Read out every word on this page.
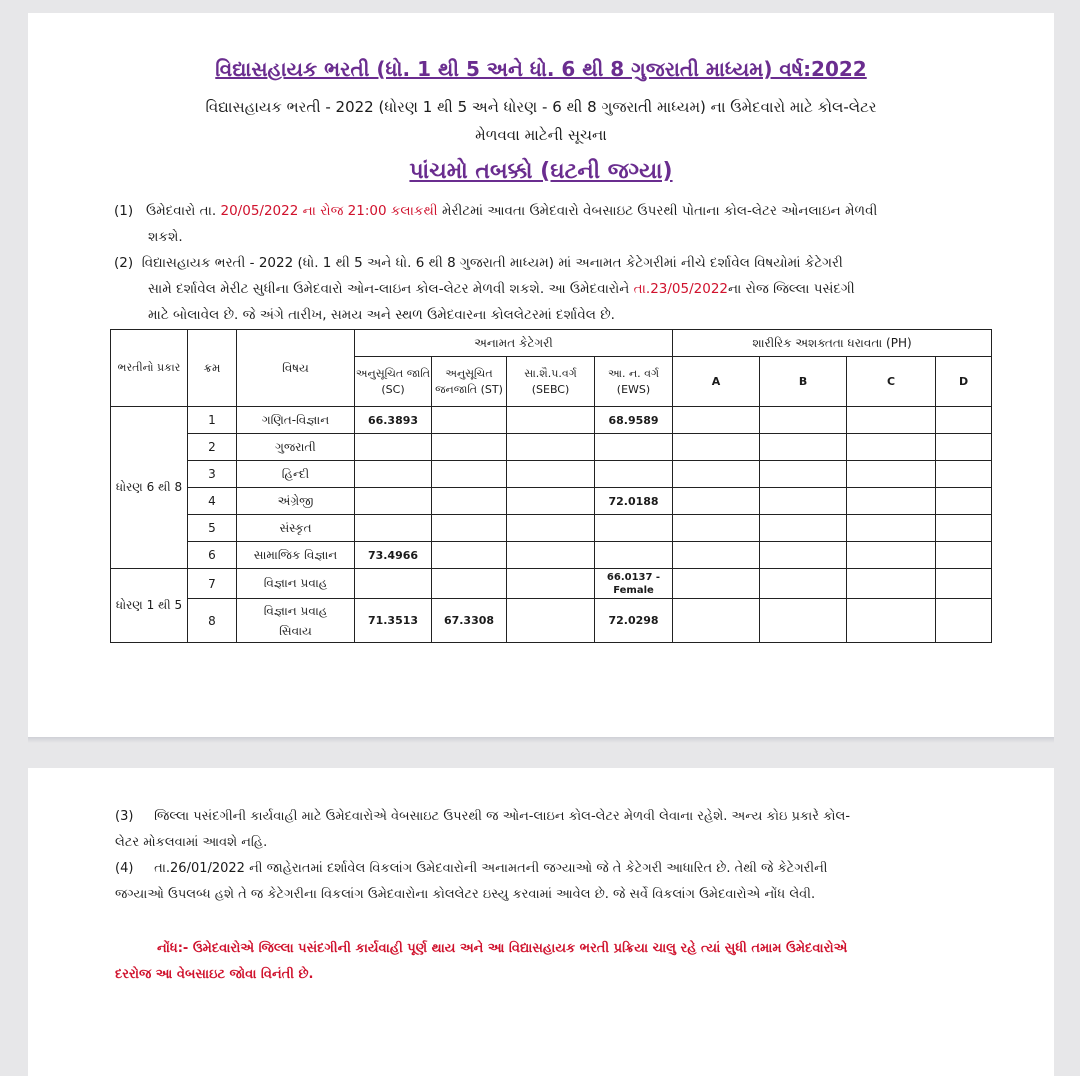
વિદ્યાસહાયક ભરતી (ધો. 1 થી 5 અને ધો. 6 થી 8 ગુજરાતી માધ્યમ) વર્ષ:2022
વિદ્યાસહાયક ભરતી - 2022 (ધોરણ 1 થી 5 અને ધોરણ - 6 થી 8 ગુજરાતી માધ્યમ) ના ઉમેદવારો માટે કોલ-લેટર
મેળવવા માટેની સૂચના
પાંચમો તબક્કો (ઘટની જગ્યા)
(1) ઉમેદવારો તા. 20/05/2022 ના રોજ 21:00 કલાકથી મેરીટમાં આવતા ઉમેદવારો વેબસાઇટ ઉપરથી પોતાના કોલ-લેટર ઓનલાઇન મેળવી
શકશે.
(2) વિદ્યાસહાયક ભરતી - 2022 (ધો. 1 થી 5 અને ધો. 6 થી 8 ગુજરાતી માધ્યમ) માં અનામત કેટેગરીમાં નીચે દર્શાવેલ વિષયોમાં કેટેગરી
સામે દર્શાવેલ મેરીટ સુધીના ઉમેદવારો ઓન-લાઇન કોલ-લેટર મેળવી શકશે. આ ઉમેદવારોને તા.23/05/2022ના રોજ જિલ્લા પસંદગી
માટે બોલાવેલ છે. જે અંગે તારીખ, સમય અને સ્થળ ઉમેદવારના કોલલેટરમાં દર્શાવેલ છે.
ભરતીનો પ્રકાર	ક્રમ	વિષય	અનામત કેટેગરી				શારીરિક અશક્તતા ધરાવતા (PH)			
			અનુસૂચિત જાતિ (SC)	અનુસૂચિત જનજાતિ (ST)	સા.શૈ.પ.વર્ગ (SEBC)	આ. ન. વર્ગ (EWS)	A	B	C	D
ધોરણ 6 થી 8	1	ગણિત-વિજ્ઞાન	66.3893			68.9589				
	2	ગુજરાતી								
	3	હિન્દી								
	4	અંગ્રેજી				72.0188				
	5	સંસ્કૃત								
	6	સામાજિક વિજ્ઞાન	73.4966							
ધોરણ 1 થી 5	7	વિજ્ઞાન પ્રવાહ				66.0137 - Female				
	8	વિજ્ઞાન પ્રવાહ સિવાય	71.3513	67.3308		72.0298				
(3) જિલ્લા પસંદગીની કાર્યવાહી માટે ઉમેદવારોએ વેબસાઇટ ઉપરથી જ ઓન-લાઇન કોલ-લેટર મેળવી લેવાના રહેશે. અન્ય કોઇ પ્રકારે કોલ-
લેટર મોકલવામાં આવશે નહિ.
(4) તા.26/01/2022 ની જાહેરાતમાં દર્શાવેલ વિકલાંગ ઉમેદવારોની અનામતની જગ્યાઓ જે તે કેટેગરી આધારિત છે. તેથી જે કેટેગરીની
જગ્યાઓ ઉપલબ્ધ હશે તે જ કેટેગરીના વિકલાંગ ઉમેદવારોના કોલલેટર ઇસ્યુ કરવામાં આવેલ છે. જે સર્વે વિકલાંગ ઉમેદવારોએ નોંધ લેવી.
નોંધ:- ઉમેદવારોએ જિલ્લા પસંદગીની કાર્યવાહી પૂર્ણ થાય અને આ વિદ્યાસહાયક ભરતી પ્રક્રિયા ચાલુ રહે ત્યાં સુધી તમામ ઉમેદવારોએ
દરરોજ આ વેબસાઇટ જોવા વિનંતી છે.
